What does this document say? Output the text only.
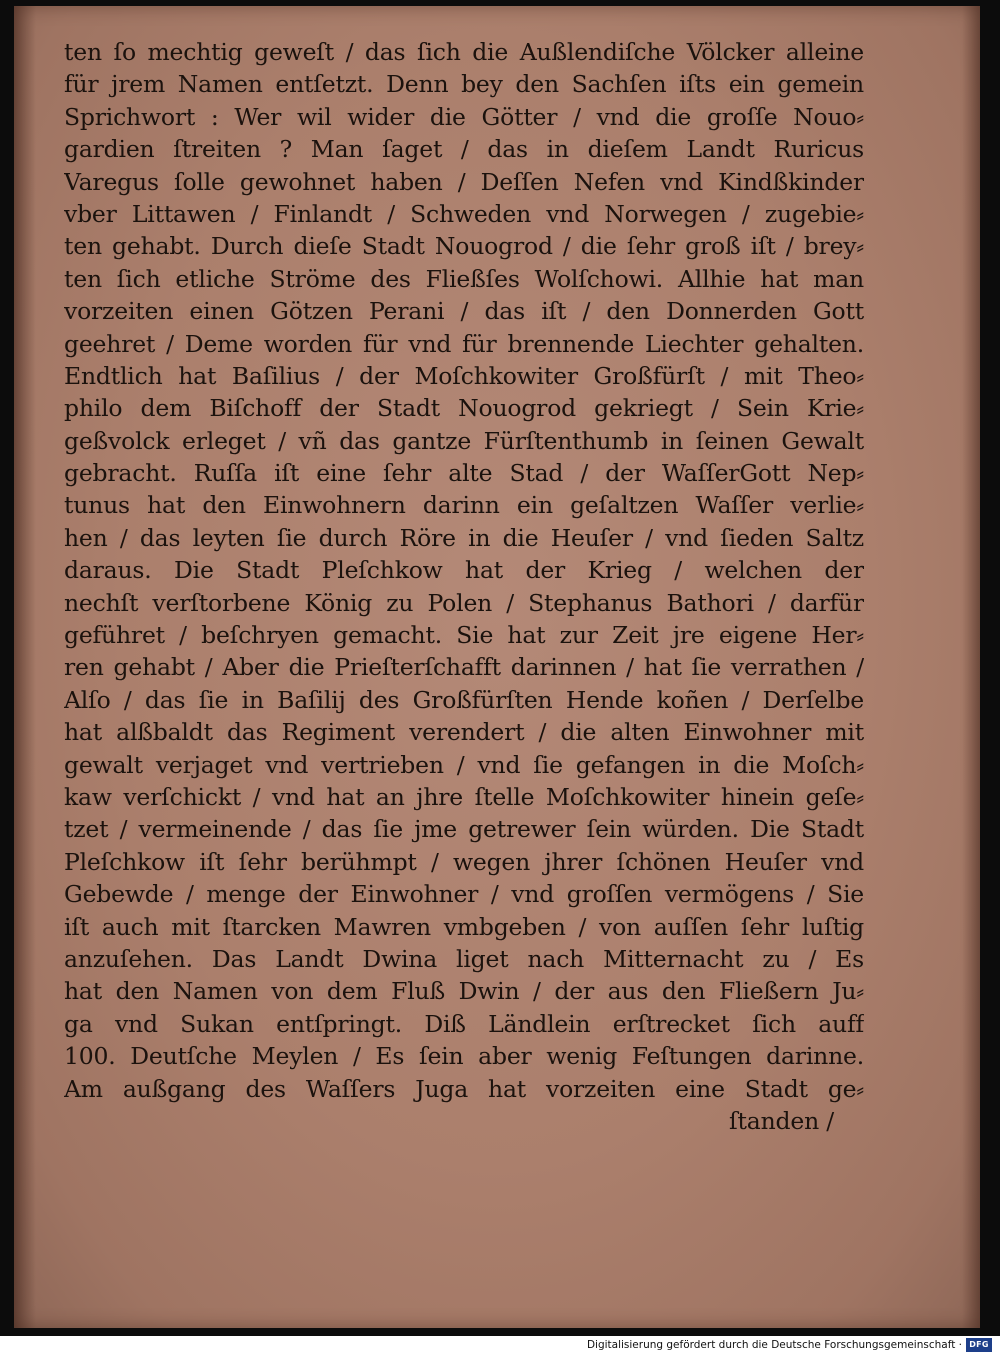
ten ſo mechtig geweſt / das ſich die Außlendiſche Völcker alleine
für jrem Namen entſetzt. Denn bey den Sachſen iſts ein gemein
Sprichwort : Wer wil wider die Götter / vnd die groſſe Nouo⸗
gardien ſtreiten ? Man ſaget / das in dieſem Landt Ruricus
Varegus ſolle gewohnet haben / Deſſen Nefen vnd Kindßkinder
vber Littawen / Finlandt / Schweden vnd Norwegen / zugebie⸗
ten gehabt. Durch dieſe Stadt Nouogrod / die ſehr groß iſt / brey⸗
ten ſich etliche Ströme des Fließſes Wolſchowi. Allhie hat man
vorzeiten einen Götzen Perani / das iſt / den Donnerden Gott
geehret / Deme worden für vnd für brennende Liechter gehalten.
Endtlich hat Baſilius / der Moſchkowiter Großfürſt / mit Theo⸗
philo dem Biſchoff der Stadt Nouogrod gekriegt / Sein Krie⸗
geßvolck erleget / vñ das gantze Fürſtenthumb in ſeinen Gewalt
gebracht. Ruſſa iſt eine ſehr alte Stad / der WaſſerGott Nep⸗
tunus hat den Einwohnern darinn ein geſaltzen Waſſer verlie⸗
hen / das leyten ſie durch Röre in die Heuſer / vnd ſieden Saltz
daraus. Die Stadt Pleſchkow hat der Krieg / welchen der
nechſt verſtorbene König zu Polen / Stephanus Bathori / darfür
geführet / beſchryen gemacht. Sie hat zur Zeit jre eigene Her⸗
ren gehabt / Aber die Prieſterſchafft darinnen / hat ſie verrathen /
Alſo / das ſie in Baſilij des Großfürſten Hende koñen / Derſelbe
hat alßbaldt das Regiment verendert / die alten Einwohner mit
gewalt verjaget vnd vertrieben / vnd ſie gefangen in die Moſch⸗
kaw verſchickt / vnd hat an jhre ſtelle Moſchkowiter hinein geſe⸗
tzet / vermeinende / das ſie jme getrewer ſein würden. Die Stadt
Pleſchkow iſt ſehr berühmpt / wegen jhrer ſchönen Heuſer vnd
Gebewde / menge der Einwohner / vnd groſſen vermögens / Sie
iſt auch mit ſtarcken Mawren vmbgeben / von auſſen ſehr luſtig
anzuſehen. Das Landt Dwina liget nach Mitternacht zu / Es
hat den Namen von dem Fluß Dwin / der aus den Fließern Ju⸗
ga vnd Sukan entſpringt. Diß Ländlein erſtrecket ſich auff
100. Deutſche Meylen / Es ſein aber wenig Feſtungen darinne.
Am außgang des Waſſers Juga hat vorzeiten eine Stadt ge⸗
ſtanden /
Digitalisierung gefördert durch die Deutsche Forschungsgemeinschaft · DFG
